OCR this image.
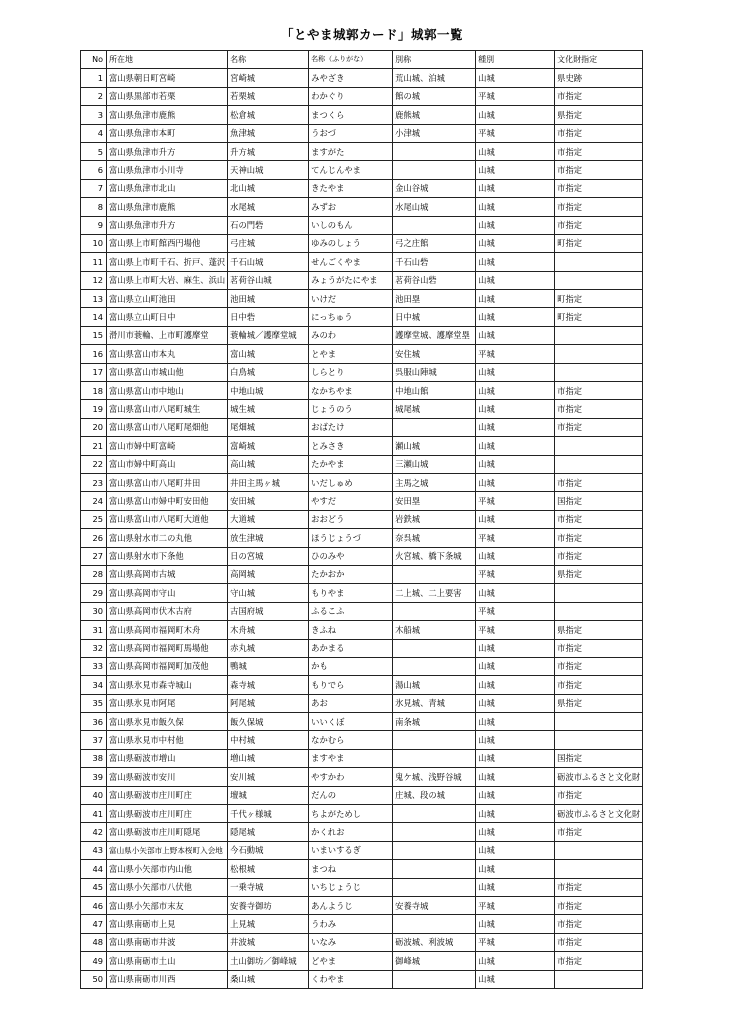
「とやま城郭カード」城郭一覧
No	所在地	名称	名称（ふりがな）	別称	種別	文化財指定
1	富山県朝日町宮崎	宮崎城	みやざき	荒山城、泊城	山城	県史跡
2	富山県黒部市若栗	若栗城	わかぐり	館の城	平城	市指定
3	富山県魚津市鹿熊	松倉城	まつくら	鹿熊城	山城	県指定
4	富山県魚津市本町	魚津城	うおづ	小津城	平城	市指定
5	富山県魚津市升方	升方城	ますがた		山城	市指定
6	富山県魚津市小川寺	天神山城	てんじんやま		山城	市指定
7	富山県魚津市北山	北山城	きたやま	金山谷城	山城	市指定
8	富山県魚津市鹿熊	水尾城	みずお	水尾山城	山城	市指定
9	富山県魚津市升方	石の門砦	いしのもん		山城	市指定
10	富山県上市町館西円場他	弓庄城	ゆみのしょう	弓之庄館	山城	町指定
11	富山県上市町千石、折戸、蓬沢	千石山城	せんごくやま	千石山砦	山城	
12	富山県上市町大岩、麻生、浜山	茗荷谷山城	みょうがたにやま	茗荷谷山砦	山城	
13	富山県立山町池田	池田城	いけだ	池田塁	山城	町指定
14	富山県立山町日中	日中砦	にっちゅう	日中城	山城	町指定
15	滑川市蓑輪、上市町護摩堂	蓑輪城／護摩堂城	みのわ	護摩堂城、護摩堂塁	山城	
16	富山県富山市本丸	富山城	とやま	安住城	平城	
17	富山県富山市城山他	白鳥城	しらとり	呉服山陣城	山城	
18	富山県富山市中地山	中地山城	なかちやま	中地山館	山城	市指定
19	富山県富山市八尾町城生	城生城	じょうのう	城尾城	山城	市指定
20	富山県富山市八尾町尾畑他	尾畑城	おばたけ		山城	市指定
21	富山市婦中町富崎	富崎城	とみさき	瀬山城	山城	
22	富山市婦中町高山	高山城	たかやま	三瀬山城	山城	
23	富山県富山市八尾町井田	井田主馬ヶ城	いだしゅめ	主馬之城	山城	市指定
24	富山県富山市婦中町安田他	安田城	やすだ	安田塁	平城	国指定
25	富山県富山市八尾町大道他	大道城	おおどう	岩鉄城	山城	市指定
26	富山県射水市二の丸他	放生津城	ほうじょうづ	奈呉城	平城	市指定
27	富山県射水市下条他	日の宮城	ひのみや	火宮城、橋下条城	山城	市指定
28	富山県高岡市古城	高岡城	たかおか		平城	県指定
29	富山県高岡市守山	守山城	もりやま	二上城、二上要害	山城	
30	富山県高岡市伏木古府	古国府城	ふるこふ		平城	
31	富山県高岡市福岡町木舟	木舟城	きふね	木船城	平城	県指定
32	富山県高岡市福岡町馬場他	赤丸城	あかまる		山城	市指定
33	富山県高岡市福岡町加茂他	鴨城	かも		山城	市指定
34	富山県氷見市森寺城山	森寺城	もりでら	湯山城	山城	市指定
35	富山県氷見市阿尾	阿尾城	あお	氷見城、青城	山城	県指定
36	富山県氷見市飯久保	飯久保城	いいくぼ	南条城	山城	
37	富山県氷見市中村他	中村城	なかむら		山城	
38	富山県砺波市増山	増山城	ますやま		山城	国指定
39	富山県砺波市安川	安川城	やすかわ	鬼ケ城、浅野谷城	山城	砺波市ふるさと文化財
40	富山県砺波市庄川町庄	壇城	だんの	庄城、段の城	山城	市指定
41	富山県砺波市庄川町庄	千代ヶ様城	ちよがためし		山城	砺波市ふるさと文化財
42	富山県砺波市庄川町隠尾	隠尾城	かくれお		山城	市指定
43	富山県小矢部市上野本桜町入会地	今石動城	いまいするぎ		山城	
44	富山県小矢部市内山他	松根城	まつね		山城	
45	富山県小矢部市八伏他	一乗寺城	いちじょうじ		山城	市指定
46	富山県小矢部市末友	安養寺御坊	あんようじ	安養寺城	平城	市指定
47	富山県南砺市上見	上見城	うわみ		山城	市指定
48	富山県南砺市井波	井波城	いなみ	砺波城、利波城	平城	市指定
49	富山県南砺市土山	土山御坊／御峰城	どやま	御峰城	山城	市指定
50	富山県南砺市川西	桑山城	くわやま		山城	
